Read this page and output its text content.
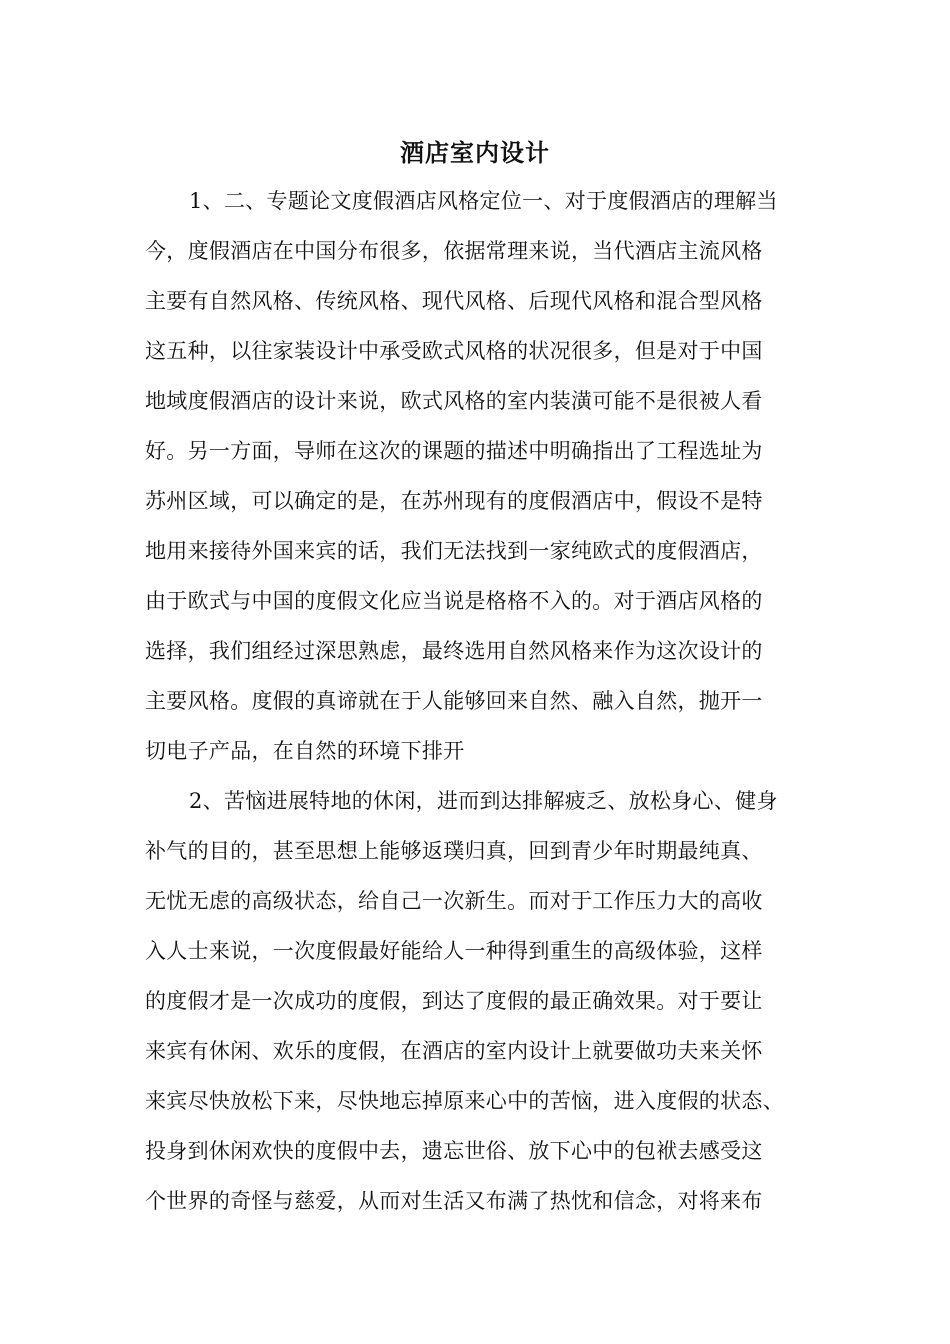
酒店室内设计
1、二、专题论文度假酒店风格定位一、对于度假酒店的理解当
今，度假酒店在中国分布很多，依据常理来说，当代酒店主流风格
主要有自然风格、传统风格、现代风格、后现代风格和混合型风格
这五种，以往家装设计中承受欧式风格的状况很多，但是对于中国
地域度假酒店的设计来说，欧式风格的室内装潢可能不是很被人看
好。另一方面，导师在这次的课题的描述中明确指出了工程选址为
苏州区域，可以确定的是，在苏州现有的度假酒店中，假设不是特
地用来接待外国来宾的话，我们无法找到一家纯欧式的度假酒店，
由于欧式与中国的度假文化应当说是格格不入的。对于酒店风格的
选择，我们组经过深思熟虑，最终选用自然风格来作为这次设计的
主要风格。度假的真谛就在于人能够回来自然、融入自然，抛开一
切电子产品，在自然的环境下排开
2、苦恼进展特地的休闲，进而到达排解疲乏、放松身心、健身
补气的目的，甚至思想上能够返璞归真，回到青少年时期最纯真、
无忧无虑的高级状态，给自己一次新生。而对于工作压力大的高收
入人士来说，一次度假最好能给人一种得到重生的高级体验，这样
的度假才是一次成功的度假，到达了度假的最正确效果。对于要让
来宾有休闲、欢乐的度假，在酒店的室内设计上就要做功夫来关怀
来宾尽快放松下来，尽快地忘掉原来心中的苦恼，进入度假的状态、
投身到休闲欢快的度假中去，遗忘世俗、放下心中的包袱去感受这
个世界的奇怪与慈爱，从而对生活又布满了热忱和信念，对将来布
